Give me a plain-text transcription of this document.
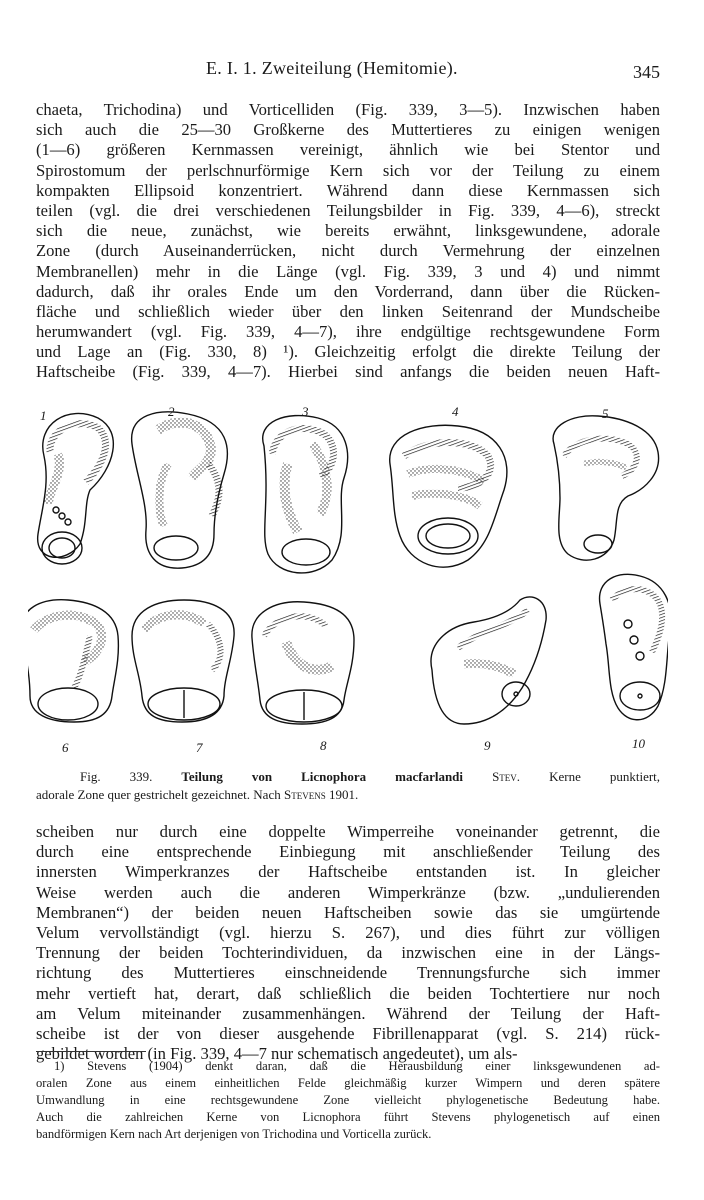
E. I. 1. Zweiteilung (Hemitomie).	345
chaeta, Trichodina) und Vorticelliden (Fig. 339, 3—5). Inzwischen haben
sich auch die 25—30 Großkerne des Muttertieres zu einigen wenigen
(1—6) größeren Kernmassen vereinigt, ähnlich wie bei Stentor und
Spirostomum der perlschnurförmige Kern sich vor der Teilung zu einem
kompakten Ellipsoid konzentriert. Während dann diese Kernmassen sich
teilen (vgl. die drei verschiedenen Teilungsbilder in Fig. 339, 4—6), streckt
sich die neue, zunächst, wie bereits erwähnt, linksgewundene, adorale
Zone (durch Auseinanderrücken, nicht durch Vermehrung der einzelnen
Membranellen) mehr in die Länge (vgl. Fig. 339, 3 und 4) und nimmt
dadurch, daß ihr orales Ende um den Vorderrand, dann über die Rücken-
fläche und schließlich wieder über den linken Seitenrand der Mundscheibe
herumwandert (vgl. Fig. 339, 4—7), ihre endgültige rechtsgewundene Form
und Lage an (Fig. 330, 8) ¹). Gleichzeitig erfolgt die direkte Teilung der
Haftscheibe (Fig. 339, 4—7). Hierbei sind anfangs die beiden neuen Haft-
1	2	3	4	5
6	7	8	9	10
Fig. 339. Teilung von Licnophora macfarlandi Stev. Kerne punktiert,
adorale Zone quer gestrichelt gezeichnet. Nach Stevens 1901.
scheiben nur durch eine doppelte Wimperreihe voneinander getrennt, die
durch eine entsprechende Einbiegung mit anschließender Teilung des
innersten Wimperkranzes der Haftscheibe entstanden ist. In gleicher
Weise werden auch die anderen Wimperkränze (bzw. „undulierenden
Membranen“) der beiden neuen Haftscheiben sowie das sie umgürtende
Velum vervollständigt (vgl. hierzu S. 267), und dies führt zur völligen
Trennung der beiden Tochterindividuen, da inzwischen eine in der Längs-
richtung des Muttertieres einschneidende Trennungsfurche sich immer
mehr vertieft hat, derart, daß schließlich die beiden Tochtertiere nur noch
am Velum miteinander zusammenhängen. Während der Teilung der Haft-
scheibe ist der von dieser ausgehende Fibrillenapparat (vgl. S. 214) rück-
gebildet worden (in Fig. 339, 4—7 nur schematisch angedeutet), um als-
1) Stevens (1904) denkt daran, daß die Herausbildung einer linksgewundenen ad-
oralen Zone aus einem einheitlichen Felde gleichmäßig kurzer Wimpern und deren spätere
Umwandlung in eine rechtsgewundene Zone vielleicht phylogenetische Bedeutung habe.
Auch die zahlreichen Kerne von Licnophora führt Stevens phylogenetisch auf einen
bandförmigen Kern nach Art derjenigen von Trichodina und Vorticella zurück.
